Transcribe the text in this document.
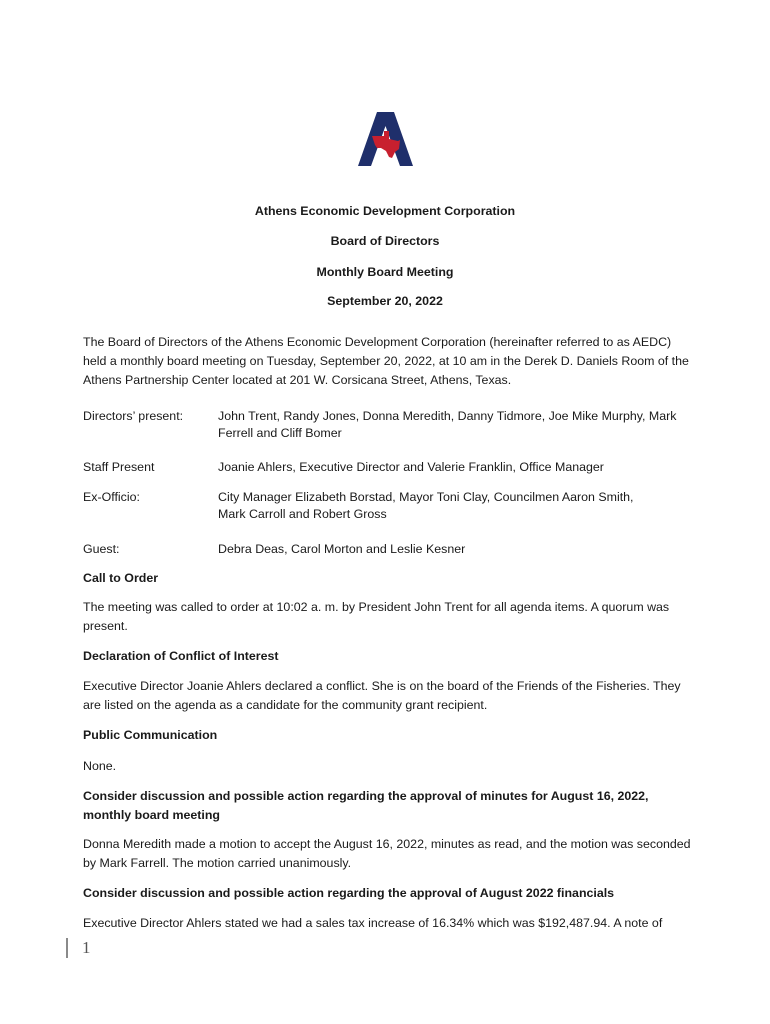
Athens Economic Development Corporation
Board of Directors
Monthly Board Meeting
September 20, 2022
The Board of Directors of the Athens Economic Development Corporation (hereinafter referred to as AEDC) held a monthly board meeting on Tuesday, September 20, 2022, at 10 am in the Derek D. Daniels Room of the Athens Partnership Center located at 201 W. Corsicana Street, Athens, Texas.
Directors’ present:	John Trent, Randy Jones, Donna Meredith, Danny Tidmore, Joe Mike Murphy, Mark Ferrell and Cliff Bomer
Staff Present	Joanie Ahlers, Executive Director and Valerie Franklin, Office Manager
Ex-Officio:	City Manager Elizabeth Borstad, Mayor Toni Clay, Councilmen Aaron Smith, Mark Carroll and Robert Gross
Guest:	Debra Deas, Carol Morton and Leslie Kesner
Call to Order
The meeting was called to order at 10:02 a. m. by President John Trent for all agenda items. A quorum was present.
Declaration of Conflict of Interest
Executive Director Joanie Ahlers declared a conflict. She is on the board of the Friends of the Fisheries. They are listed on the agenda as a candidate for the community grant recipient.
Public Communication
None.
Consider discussion and possible action regarding the approval of minutes for August 16, 2022, monthly board meeting
Donna Meredith made a motion to accept the August 16, 2022, minutes as read, and the motion was seconded by Mark Farrell. The motion carried unanimously.
Consider discussion and possible action regarding the approval of August 2022 financials
Executive Director Ahlers stated we had a sales tax increase of 16.34% which was $192,487.94. A note of
1
